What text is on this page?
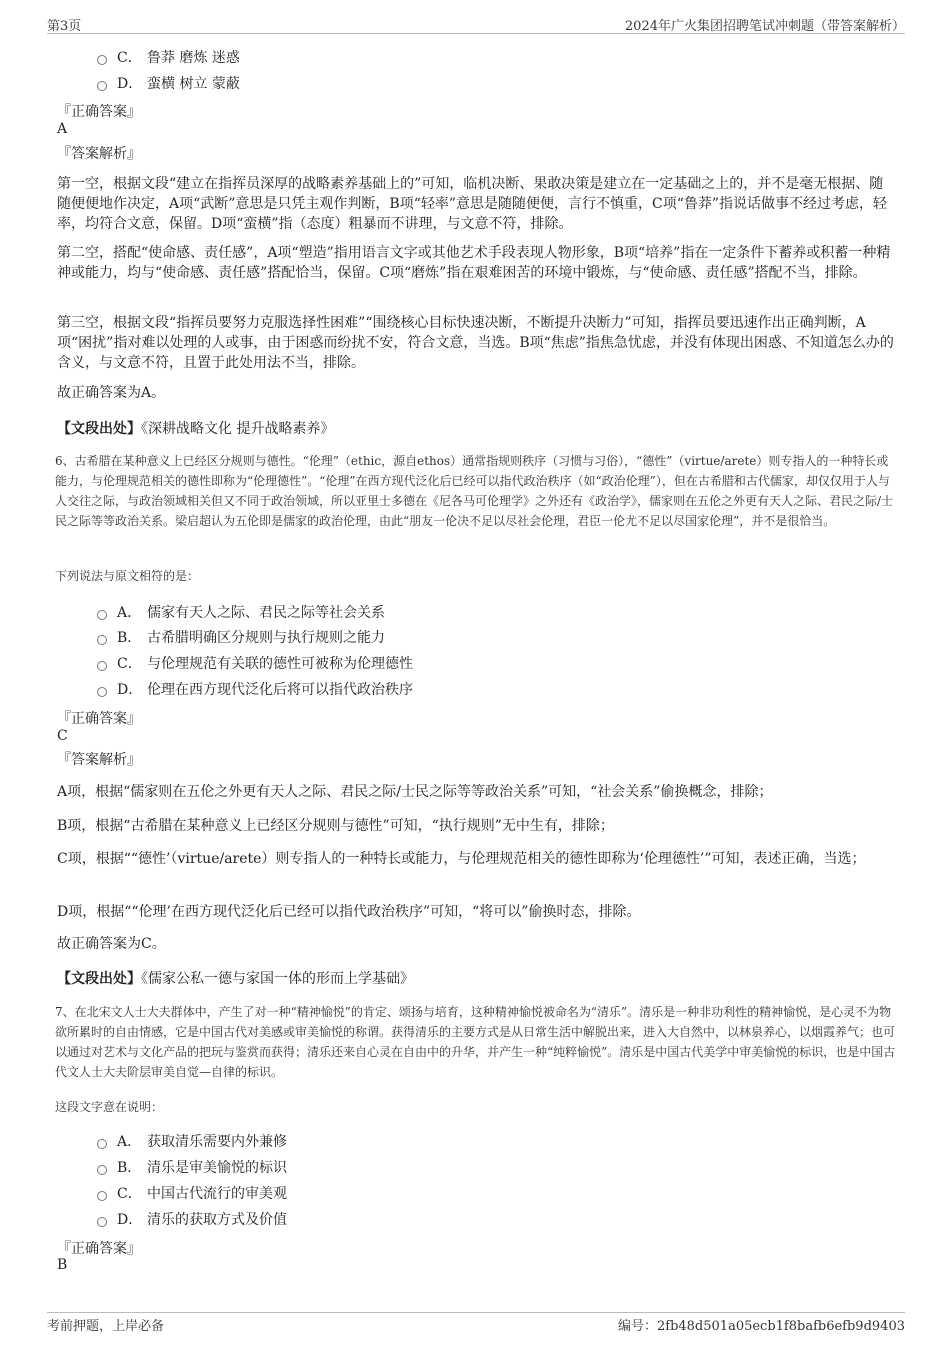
第3页	2024年广火集团招聘笔试冲刺题（带答案解析）
C． 鲁莽 磨炼 迷惑
D． 蛮横 树立 蒙蔽
『正确答案』
A
『答案解析』
第一空，根据文段“建立在指挥员深厚的战略素养基础上的”可知，临机决断、果敢决策是建立在一定基础之上的，并不是毫无根据、随随便便地作决定，A项“武断”意思是只凭主观作判断，B项“轻率”意思是随随便便，言行不慎重，C项“鲁莽”指说话做事不经过考虑，轻率，均符合文意，保留。D项“蛮横”指（态度）粗暴而不讲理，与文意不符，排除。
第二空，搭配“使命感、责任感”，A项“塑造”指用语言文字或其他艺术手段表现人物形象，B项“培养”指在一定条件下蓄养或积蓄一种精神或能力，均与“使命感、责任感”搭配恰当，保留。C项“磨炼”指在艰难困苦的环境中锻炼，与“使命感、责任感”搭配不当，排除。
第三空，根据文段“指挥员要努力克服选择性困难”“围绕核心目标快速决断，不断提升决断力”可知，指挥员要迅速作出正确判断，A项“困扰”指对难以处理的人或事，由于困惑而纷扰不安，符合文意，当选。B项“焦虑”指焦急忧虑，并没有体现出困惑、不知道怎么办的含义，与文意不符，且置于此处用法不当，排除。
故正确答案为A。
【文段出处】《深耕战略文化 提升战略素养》
6、古希腊在某种意义上已经区分规则与德性。“伦理”（ethic，源自ethos）通常指规则秩序（习惯与习俗），“德性”（virtue/arete）则专指人的一种特长或能力，与伦理规范相关的德性即称为“伦理德性”。“伦理”在西方现代泛化后已经可以指代政治秩序（如“政治伦理”），但在古希腊和古代儒家，却仅仅用于人与人交往之际，与政治领域相关但又不同于政治领域，所以亚里士多德在《尼各马可伦理学》之外还有《政治学》，儒家则在五伦之外更有天人之际、君民之际/士民之际等等政治关系。梁启超认为五伦即是儒家的政治伦理，由此“朋友一伦决不足以尽社会伦理，君臣一伦尤不足以尽国家伦理”，并不是很恰当。
下列说法与原文相符的是：
A． 儒家有天人之际、君民之际等社会关系
B． 古希腊明确区分规则与执行规则之能力
C． 与伦理规范有关联的德性可被称为伦理德性
D． 伦理在西方现代泛化后将可以指代政治秩序
『正确答案』
C
『答案解析』
A项，根据“儒家则在五伦之外更有天人之际、君民之际/士民之际等等政治关系”可知，“社会关系”偷换概念，排除；
B项，根据“古希腊在某种意义上已经区分规则与德性”可知，“执行规则”无中生有，排除；
C项，根据““德性’（virtue/arete）则专指人的一种特长或能力，与伦理规范相关的德性即称为‘伦理德性’”可知，表述正确，当选；
D项，根据““伦理’在西方现代泛化后已经可以指代政治秩序”可知，“将可以”偷换时态，排除。
故正确答案为C。
【文段出处】《儒家公私一德与家国一体的形而上学基础》
7、在北宋文人士大夫群体中，产生了对一种“精神愉悦”的肯定、颂扬与培育，这种精神愉悦被命名为“清乐”。清乐是一种非功利性的精神愉悦，是心灵不为物欲所累时的自由情感，它是中国古代对美感或审美愉悦的称谓。获得清乐的主要方式是从日常生活中解脱出来，进入大自然中，以林泉养心，以烟霞养气；也可以通过对艺术与文化产品的把玩与鉴赏而获得；清乐还来自心灵在自由中的升华，并产生一种“纯粹愉悦”。清乐是中国古代美学中审美愉悦的标识，也是中国古代文人士大夫阶层审美自觉—自律的标识。
这段文字意在说明：
A． 获取清乐需要内外兼修
B． 清乐是审美愉悦的标识
C． 中国古代流行的审美观
D． 清乐的获取方式及价值
『正确答案』
B
考前押题，上岸必备	编号：2fb48d501a05ecb1f8bafb6efb9d9403
